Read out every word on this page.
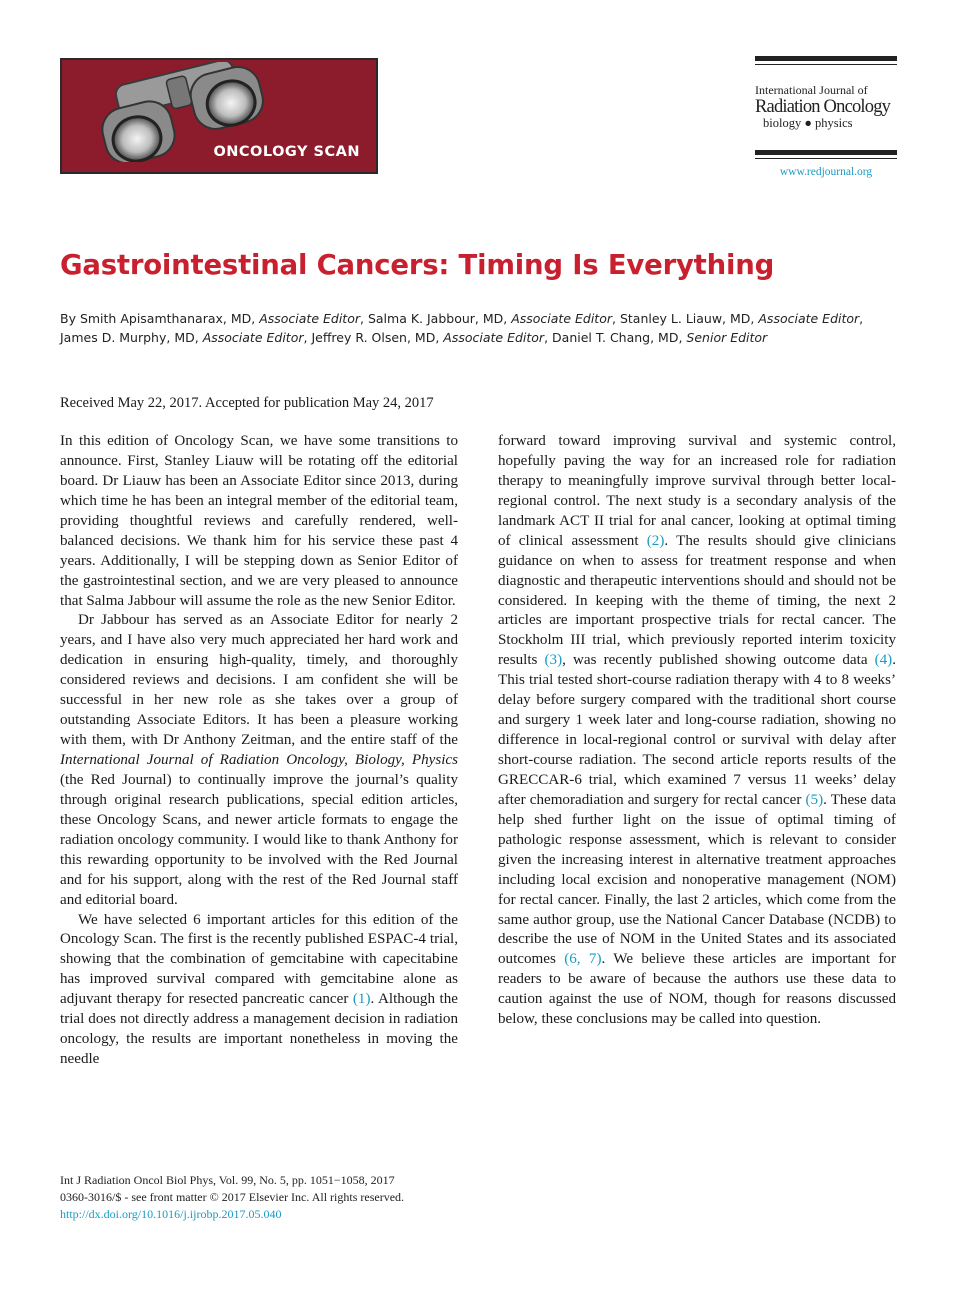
ONCOLOGY SCAN
International Journal of
Radiation Oncology
biology ● physics
www.redjournal.org
Gastrointestinal Cancers: Timing Is Everything

By Smith Apisamthanarax, MD, Associate Editor, Salma K. Jabbour, MD, Associate Editor, Stanley L. Liauw, MD, Associate Editor, James D. Murphy, MD, Associate Editor, Jeffrey R. Olsen, MD, Associate Editor, Daniel T. Chang, MD, Senior Editor

Received May 22, 2017. Accepted for publication May 24, 2017

In this edition of Oncology Scan, we have some transitions to announce. First, Stanley Liauw will be rotating off the editorial board. Dr Liauw has been an Associate Editor since 2013, during which time he has been an integral member of the editorial team, providing thoughtful reviews and carefully rendered, well-balanced decisions. We thank him for his service these past 4 years. Additionally, I will be stepping down as Senior Editor of the gastrointestinal section, and we are very pleased to announce that Salma Jabbour will assume the role as the new Senior Editor.

Dr Jabbour has served as an Associate Editor for nearly 2 years, and I have also very much appreciated her hard work and dedication in ensuring high-quality, timely, and thoroughly considered reviews and decisions. I am confident she will be successful in her new role as she takes over a group of outstanding Associate Editors. It has been a pleasure working with them, with Dr Anthony Zeitman, and the entire staff of the International Journal of Radiation Oncology, Biology, Physics (the Red Journal) to continually improve the journal’s quality through original research publications, special edition articles, these Oncology Scans, and newer article formats to engage the radiation oncology community. I would like to thank Anthony for this rewarding opportunity to be involved with the Red Journal and for his support, along with the rest of the Red Journal staff and editorial board.

We have selected 6 important articles for this edition of the Oncology Scan. The first is the recently published ESPAC-4 trial, showing that the combination of gemcitabine with capecitabine has improved survival compared with gemcitabine alone as adjuvant therapy for resected pancreatic cancer (1). Although the trial does not directly address a management decision in radiation oncology, the results are important nonetheless in moving the needle

forward toward improving survival and systemic control, hopefully paving the way for an increased role for radiation therapy to meaningfully improve survival through better local-regional control. The next study is a secondary analysis of the landmark ACT II trial for anal cancer, looking at optimal timing of clinical assessment (2). The results should give clinicians guidance on when to assess for treatment response and when diagnostic and therapeutic interventions should and should not be considered. In keeping with the theme of timing, the next 2 articles are important prospective trials for rectal cancer. The Stockholm III trial, which previously reported interim toxicity results (3), was recently published showing outcome data (4). This trial tested short-course radiation therapy with 4 to 8 weeks’ delay before surgery compared with the traditional short course and surgery 1 week later and long-course radiation, showing no difference in local-regional control or survival with delay after short-course radiation. The second article reports results of the GRECCAR-6 trial, which examined 7 versus 11 weeks’ delay after chemoradiation and surgery for rectal cancer (5). These data help shed further light on the issue of optimal timing of pathologic response assessment, which is relevant to consider given the increasing interest in alternative treatment approaches including local excision and nonoperative management (NOM) for rectal cancer. Finally, the last 2 articles, which come from the same author group, use the National Cancer Database (NCDB) to describe the use of NOM in the United States and its associated outcomes (6, 7). We believe these articles are important for readers to be aware of because the authors use these data to caution against the use of NOM, though for reasons discussed below, these conclusions may be called into question.

Int J Radiation Oncol Biol Phys, Vol. 99, No. 5, pp. 1051−1058, 2017
0360-3016/$ - see front matter © 2017 Elsevier Inc. All rights reserved.
http://dx.doi.org/10.1016/j.ijrobp.2017.05.040
